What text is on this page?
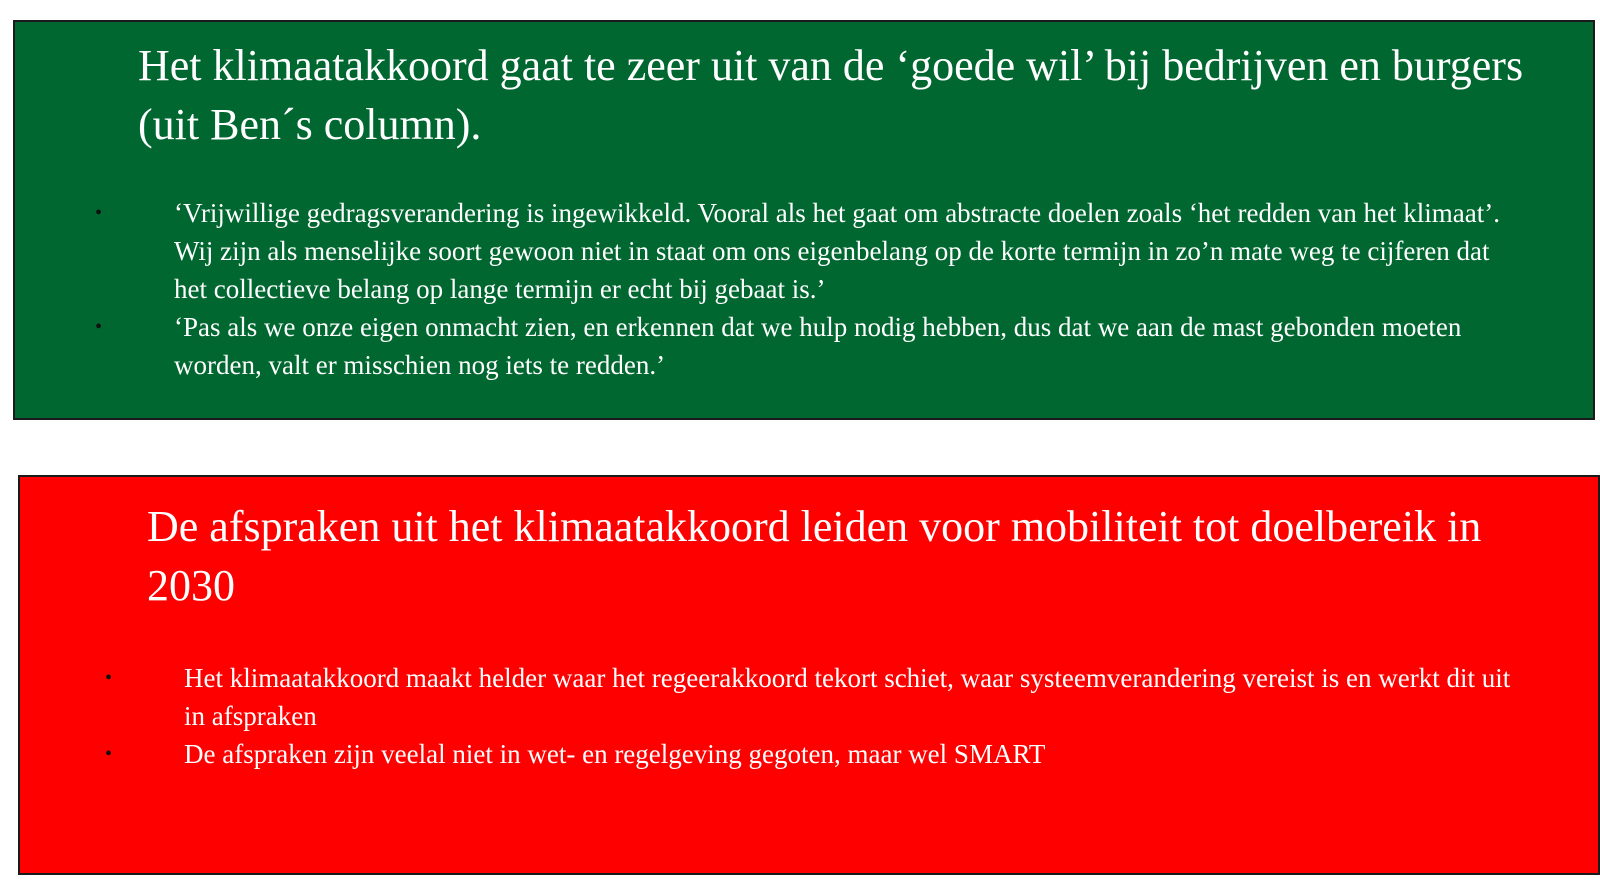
Het klimaatakkoord gaat te zeer uit van de ‘goede wil’ bij bedrijven en burgers (uit Ben´s column).
•	‘Vrijwillige gedragsverandering is ingewikkeld. Vooral als het gaat om abstracte doelen zoals ‘het redden van het klimaat’. Wij zijn als menselijke soort gewoon niet in staat om ons eigenbelang op de korte termijn in zo’n mate weg te cijferen dat het collectieve belang op lange termijn er echt bij gebaat is.’
•	‘Pas als we onze eigen onmacht zien, en erkennen dat we hulp nodig hebben, dus dat we aan de mast gebonden moeten worden, valt er misschien nog iets te redden.’
De afspraken uit het klimaatakkoord leiden voor mobiliteit tot doelbereik in 2030
•	Het klimaatakkoord maakt helder waar het regeerakkoord tekort schiet, waar systeemverandering vereist is en werkt dit uit in afspraken
•	De afspraken zijn veelal niet in wet- en regelgeving gegoten, maar wel SMART
